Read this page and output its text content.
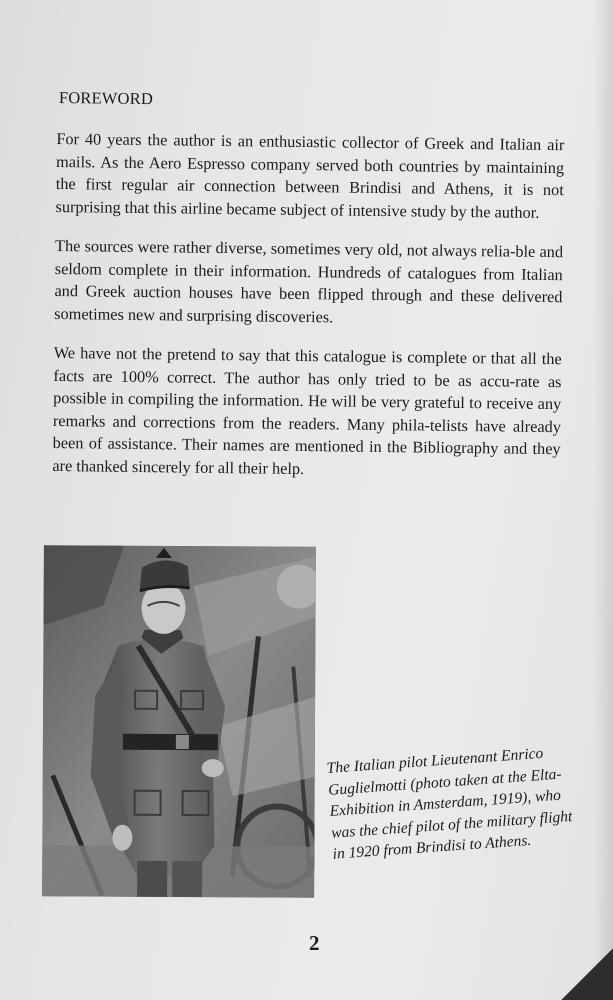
FOREWORD

For 40 years the author is an enthusiastic collector of Greek and Italian air mails. As the Aero Espresso company served both countries by maintaining the first regular air connection between Brindisi and Athens, it is not surprising that this airline became subject of intensive study by the author.

The sources were rather diverse, sometimes very old, not always relia-ble and seldom complete in their information. Hundreds of catalogues from Italian and Greek auction houses have been flipped through and these delivered sometimes new and surprising discoveries.

We have not the pretend to say that this catalogue is complete or that all the facts are 100% correct. The author has only tried to be as accu-rate as possible in compiling the information. He will be very grateful to receive any remarks and corrections from the readers. Many phila-telists have already been of assistance. Their names are mentioned in the Bibliography and they are thanked sincerely for all their help.

The Italian pilot Lieutenant Enrico Guglielmotti (photo taken at the Elta-Exhibition in Amsterdam, 1919), who was the chief pilot of the military flight in 1920 from Brindisi to Athens.
2
